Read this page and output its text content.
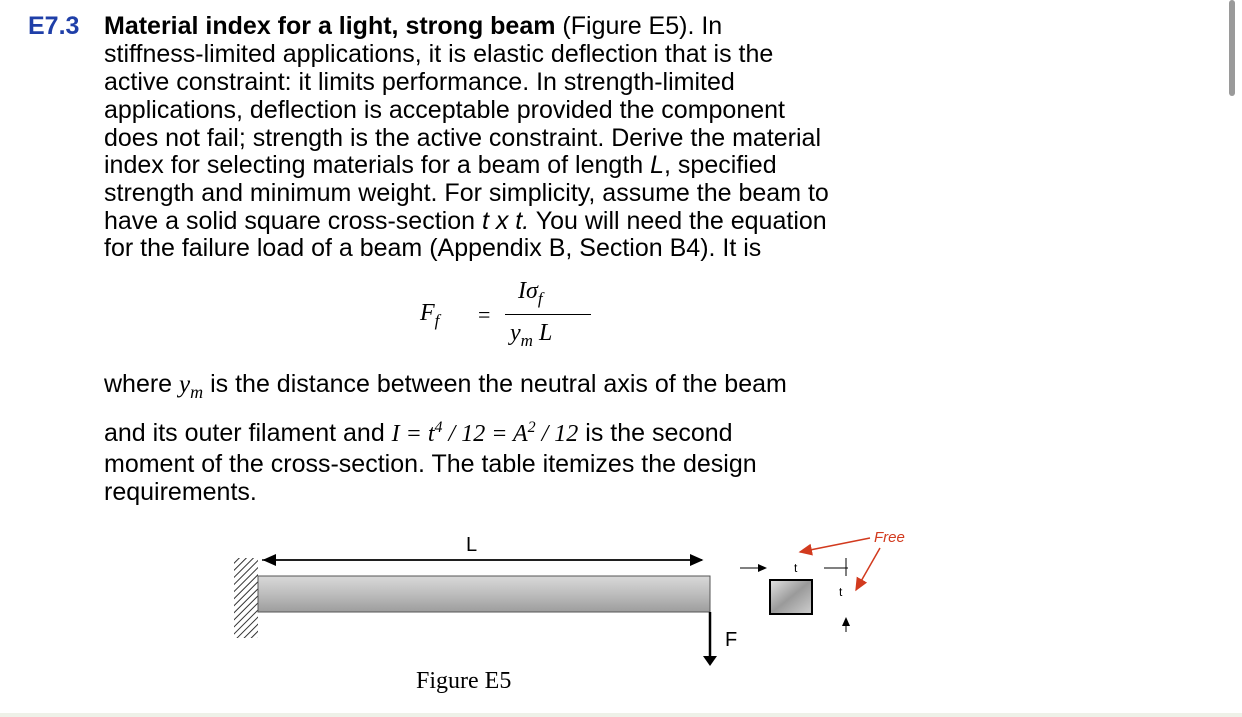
E7.3 Material index for a light, strong beam (Figure E5). In
stiffness-limited applications, it is elastic deflection that is the
active constraint: it limits performance. In strength-limited
applications, deflection is acceptable provided the component
does not fail; strength is the active constraint. Derive the material
index for selecting materials for a beam of length L, specified
strength and minimum weight. For simplicity, assume the beam to
have a solid square cross-section t x t. You will need the equation
for the failure load of a beam (Appendix B, Section B4). It is
$F_f$ =
$I\sigma_f$
$y_m$ L
where $y_m$ is the distance between the neutral axis of the beam
and its outer filament and $I = t^4 / 12 = A^2 / 12$ is the second
moment of the cross-section. The table itemizes the design
requirements.
L
F
t
t
Free
Figure E5
